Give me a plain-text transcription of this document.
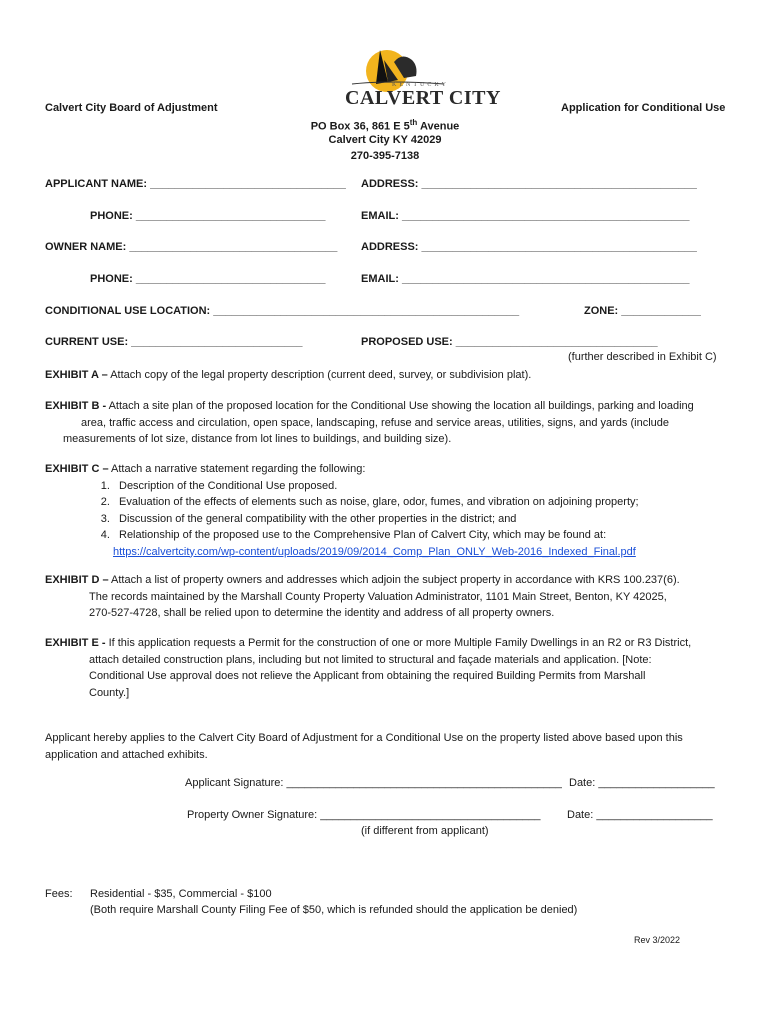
KENTUCKY
CALVERT CITY
Calvert City Board of Adjustment	Application for Conditional Use
PO Box 36, 861 E 5th Avenue
Calvert City KY 42029
270-395-7138
APPLICANT NAME: ________________________________ ADDRESS: _____________________________________________
PHONE: _______________________________	EMAIL: _______________________________________________
OWNER NAME: __________________________________ ADDRESS: _____________________________________________
PHONE: _______________________________	EMAIL: _______________________________________________
CONDITIONAL USE LOCATION: __________________________________________________	ZONE: _____________
CURRENT USE: ____________________________	PROPOSED USE: _________________________________
(further described in Exhibit C)
EXHIBIT A – Attach copy of the legal property description (current deed, survey, or subdivision plat).
EXHIBIT B - Attach a site plan of the proposed location for the Conditional Use showing the location all buildings, parking and loading
area, traffic access and circulation, open space, landscaping, refuse and service areas, utilities, signs, and yards (include
measurements of lot size, distance from lot lines to buildings, and building size).
EXHIBIT C – Attach a narrative statement regarding the following:
1. Description of the Conditional Use proposed.
2. Evaluation of the effects of elements such as noise, glare, odor, fumes, and vibration on adjoining property;
3. Discussion of the general compatibility with the other properties in the district; and
4. Relationship of the proposed use to the Comprehensive Plan of Calvert City, which may be found at:
https://calvertcity.com/wp-content/uploads/2019/09/2014_Comp_Plan_ONLY_Web-2016_Indexed_Final.pdf
EXHIBIT D – Attach a list of property owners and addresses which adjoin the subject property in accordance with KRS 100.237(6).
The records maintained by the Marshall County Property Valuation Administrator, 1101 Main Street, Benton, KY 42025,
270-527-4728, shall be relied upon to determine the identity and address of all property owners.
EXHIBIT E - If this application requests a Permit for the construction of one or more Multiple Family Dwellings in an R2 or R3 District,
attach detailed construction plans, including but not limited to structural and façade materials and application. [Note:
Conditional Use approval does not relieve the Applicant from obtaining the required Building Permits from Marshall
County.]
Applicant hereby applies to the Calvert City Board of Adjustment for a Conditional Use on the property listed above based upon this
application and attached exhibits.
Applicant Signature: _____________________________________________ Date: ___________________
Property Owner Signature: ____________________________________ Date: ___________________
(if different from applicant)
Fees: Residential - $35, Commercial - $100
(Both require Marshall County Filing Fee of $50, which is refunded should the application be denied)
Rev 3/2022
